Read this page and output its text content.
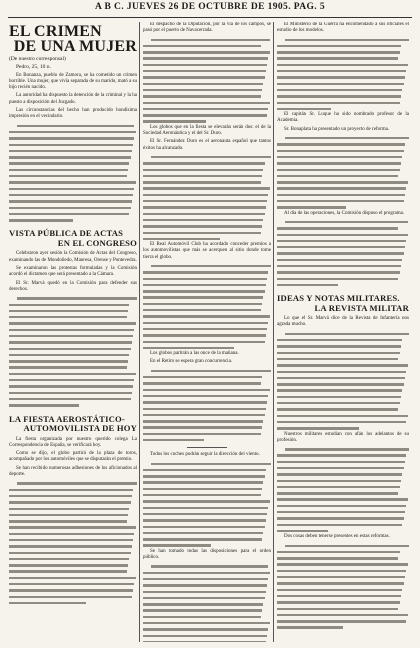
A B C. JUEVES 26 DE OCTUBRE DE 1905. PAG. 5
EL CRIMEN
DE UNA MUJER
(De nuestro corresponsal)

Pedro, 25, 10 n.

En Bonanza, pueblo de Zamora, se ha cometido un crimen horrible. Una mujer, que vivía separada de su marido, mató a su hijo recién nacido.

La autoridad ha dispuesto la detención de la criminal y la ha puesto a disposición del Juzgado.

Las circunstancias del hecho han producido hondísima impresión en el vecindario.

VISTA PÚBLICA DE ACTAS
EN EL CONGRESO

Celebraron ayer sesión la Comisión de Actas del Congreso, examinando las de Mondoñedo, Manresa, Orense y Pontevedra.

Se examinaron las protestas formuladas y la Comisión acordó el dictamen que será presentado a la Cámara.

El Sr. Marvá quedó en la Comisión para defender sus derechos.

LA FIESTA AEROSTÁTICO-
AUTOMOVILISTA DE HOY

La fiesta organizada por nuestro querido colega La Correspondencia de España, se verificará hoy.

Como se dijo, el globo partirá de la plaza de toros, acompañado por los automóviles que se disputarán el premio.

Se han recibido numerosas adhesiones de los aficionados al deporte.

El despacho de la Diputación, por la vía de los campos, se pasó por el puerto de Navacerrada.

Los globos que en la fiesta se elevarán serán dos: el de la Sociedad Aeronáutica y el del Sr. Duro.

El Sr. Fernández Duro es el aeronauta español que tantos éxitos ha alcanzado.

El Real Automóvil Club ha acordado conceder premios a los automovilistas que más se acerquen al sitio donde tome tierra el globo.

Los globos partirán a las once de la mañana.

En el Retiro se espera gran concurrencia.

Todos los coches podrán seguir la dirección del viento.

Se han tomado todas las disposiciones para el orden público.

El Ministerio de la Guerra ha encomendado a sus oficiales el estudio de los modelos.

El capitán Sr. Luque ha sido nombrado profesor de la Academia.

Sr. Bonaplata ha presentado un proyecto de reforma.

Al día de las operaciones, la Comisión dispuso el programa.

IDEAS Y NOTAS MILITARES.
LA REVISTA MILITAR

Lo que el Sr. Marvá dice de la Revista de Infantería nos agrada mucho.

Nuestros militares estudian con afán los adelantos de su profesión.

Dos cosas deben tenerse presentes en estas reformas.
